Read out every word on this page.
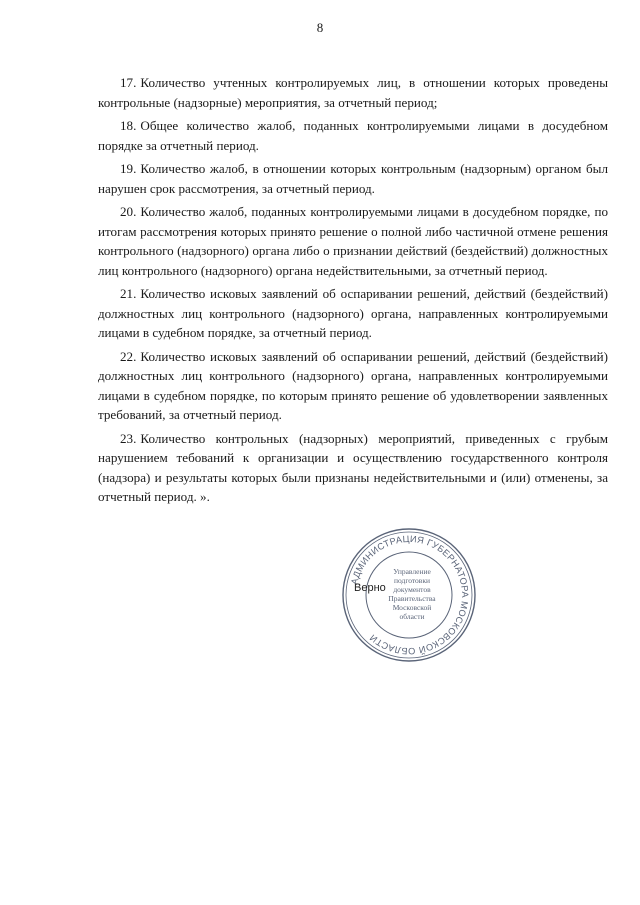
8

17. Количество учтенных контролируемых лиц, в отношении которых проведены контрольные (надзорные) мероприятия, за отчетный период;

18. Общее количество жалоб, поданных контролируемыми лицами в досудебном порядке за отчетный период.

19. Количество жалоб, в отношении которых контрольным (надзорным) органом был нарушен срок рассмотрения, за отчетный период.

20. Количество жалоб, поданных контролируемыми лицами в досудебном порядке, по итогам рассмотрения которых принято решение о полной либо частичной отмене решения контрольного (надзорного) органа либо о признании действий (бездействий) должностных лиц контрольного (надзорного) органа недействительными, за отчетный период.

21. Количество исковых заявлений об оспаривании решений, действий (бездействий) должностных лиц контрольного (надзорного) органа, направленных контролируемыми лицами в судебном порядке, за отчетный период.

22. Количество исковых заявлений об оспаривании решений, действий (бездействий) должностных лиц контрольного (надзорного) органа, направленных контролируемыми лицами в судебном порядке, по которым принято решение об удовлетворении заявленных требований, за отчетный период.

23. Количество контрольных (надзорных) мероприятий, приведенных с грубым нарушением тебований к организации и осуществлению государственного контроля (надзора) и результаты которых были признаны недействительными и (или) отменены, за отчетный период. ».

АДМИНИСТРАЦИЯ ГУБЕРНАТОРА МОСКОВСКОЙ ОБЛАСТИ
Управление
подготовки
документов
Правительства
Московской
области
Верно
